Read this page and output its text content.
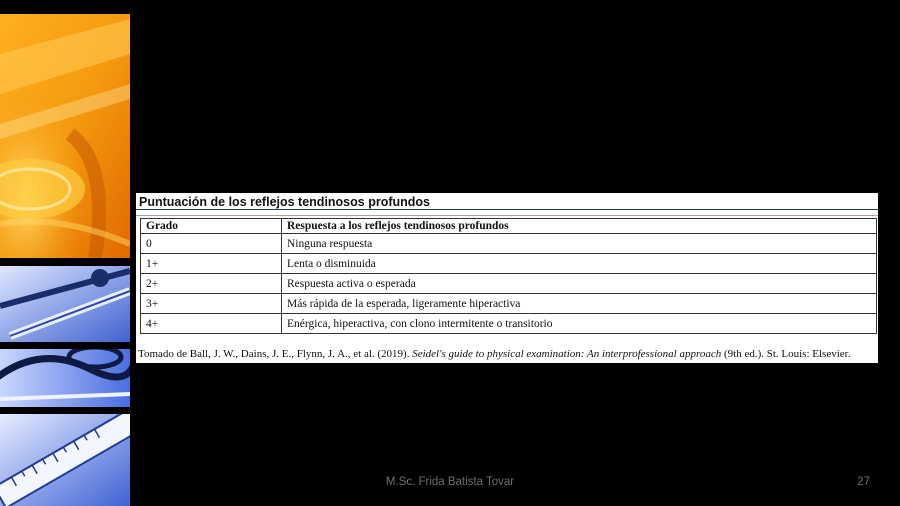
Puntuación de los reflejos tendinosos profundos
Grado	Respuesta a los reflejos tendinosos profundos
0	Ninguna respuesta
1+	Lenta o disminuida
2+	Respuesta activa o esperada
3+	Más rápida de la esperada, ligeramente hiperactiva
4+	Enérgica, hiperactiva, con clono intermitente o transitorio
Tomado de Ball, J. W., Dains, J. E., Flynn, J. A., et al. (2019). Seidel's guide to physical examination: An interprofessional approach (9th ed.). St. Louis: Elsevier.
M.Sc. Frida Batista Tovar	27
